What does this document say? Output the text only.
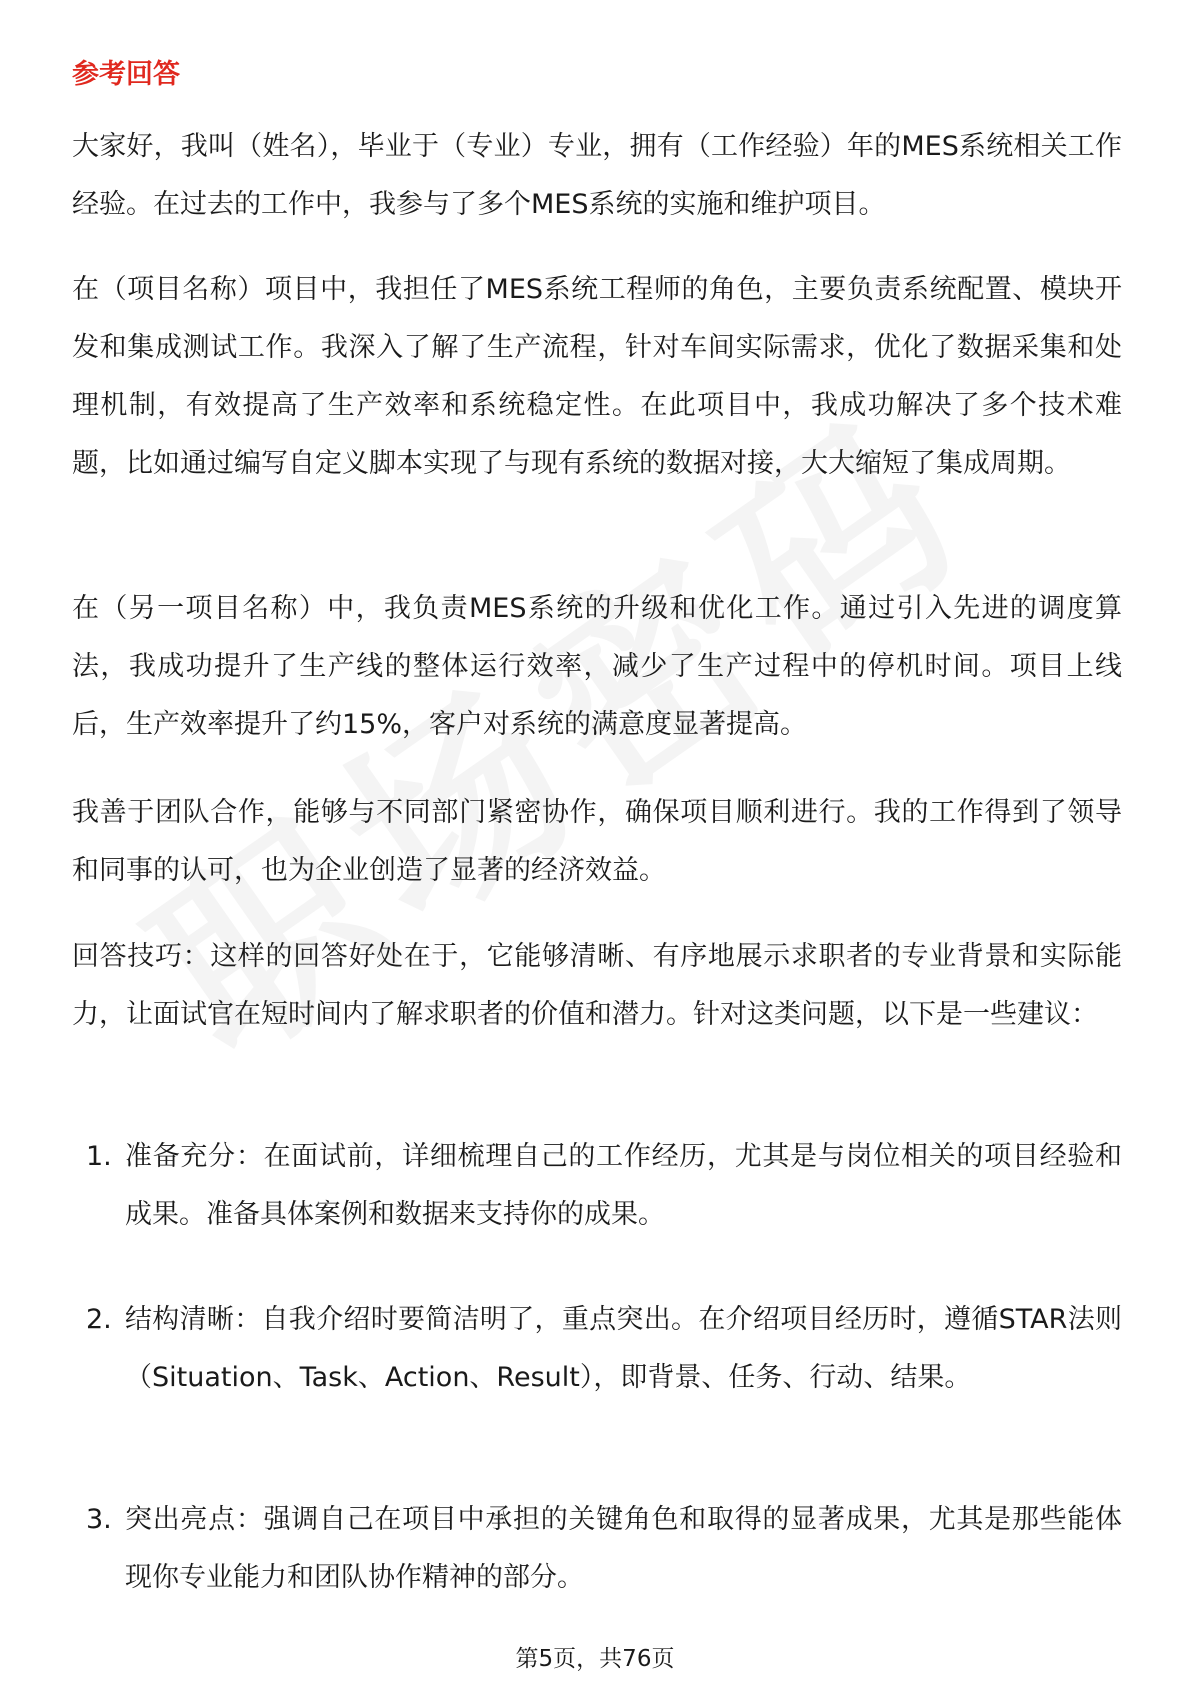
参考回答

大家好，我叫（姓名），毕业于（专业）专业，拥有（工作经验）年的MES系统相关工作经验。在过去的工作中，我参与了多个MES系统的实施和维护项目。

在（项目名称）项目中，我担任了MES系统工程师的角色，主要负责系统配置、模块开发和集成测试工作。我深入了解了生产流程，针对车间实际需求，优化了数据采集和处理机制，有效提高了生产效率和系统稳定性。在此项目中，我成功解决了多个技术难题，比如通过编写自定义脚本实现了与现有系统的数据对接，大大缩短了集成周期。

在（另一项目名称）中，我负责MES系统的升级和优化工作。通过引入先进的调度算法，我成功提升了生产线的整体运行效率，减少了生产过程中的停机时间。项目上线后，生产效率提升了约15%，客户对系统的满意度显著提高。

我善于团队合作，能够与不同部门紧密协作，确保项目顺利进行。我的工作得到了领导和同事的认可，也为企业创造了显著的经济效益。

回答技巧：这样的回答好处在于，它能够清晰、有序地展示求职者的专业背景和实际能力，让面试官在短时间内了解求职者的价值和潜力。针对这类问题，以下是一些建议：

1. 准备充分：在面试前，详细梳理自己的工作经历，尤其是与岗位相关的项目经验和成果。准备具体案例和数据来支持你的成果。
2. 结构清晰：自我介绍时要简洁明了，重点突出。在介绍项目经历时，遵循STAR法则（Situation、Task、Action、Result），即背景、任务、行动、结果。
3. 突出亮点：强调自己在项目中承担的关键角色和取得的显著成果，尤其是那些能体现你专业能力和团队协作精神的部分。
第5页，共76页
